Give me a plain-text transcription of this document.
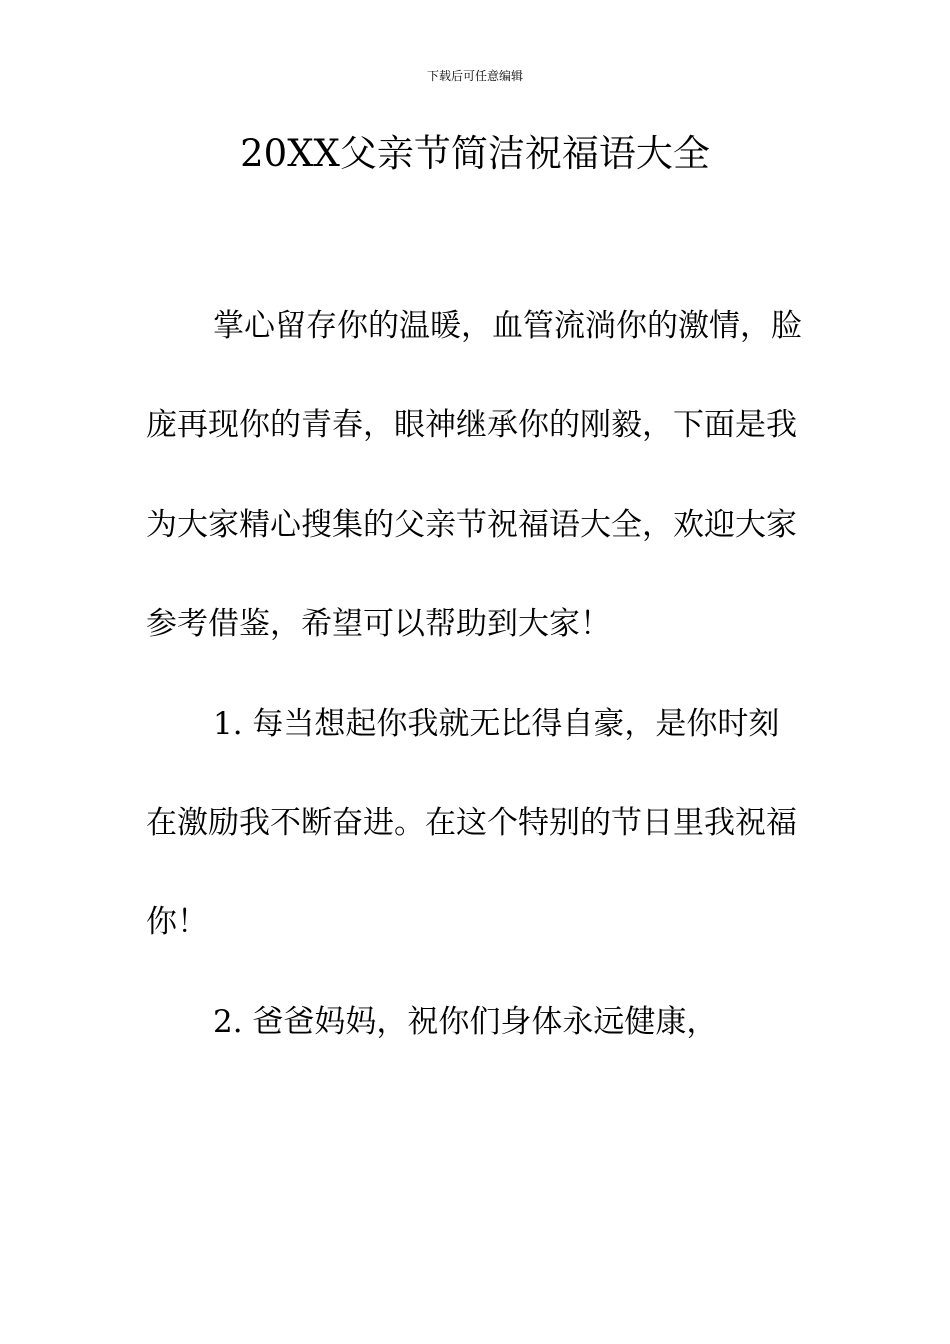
下载后可任意编辑
20XX父亲节简洁祝福语大全

掌心留存你的温暖，血管流淌你的激情，脸庞再现你的青春，眼神继承你的刚毅，下面是我为大家精心搜集的父亲节祝福语大全，欢迎大家参考借鉴，希望可以帮助到大家！

1. 每当想起你我就无比得自豪，是你时刻在激励我不断奋进。在这个特别的节日里我祝福你！

2. 爸爸妈妈，祝你们身体永远健康，
